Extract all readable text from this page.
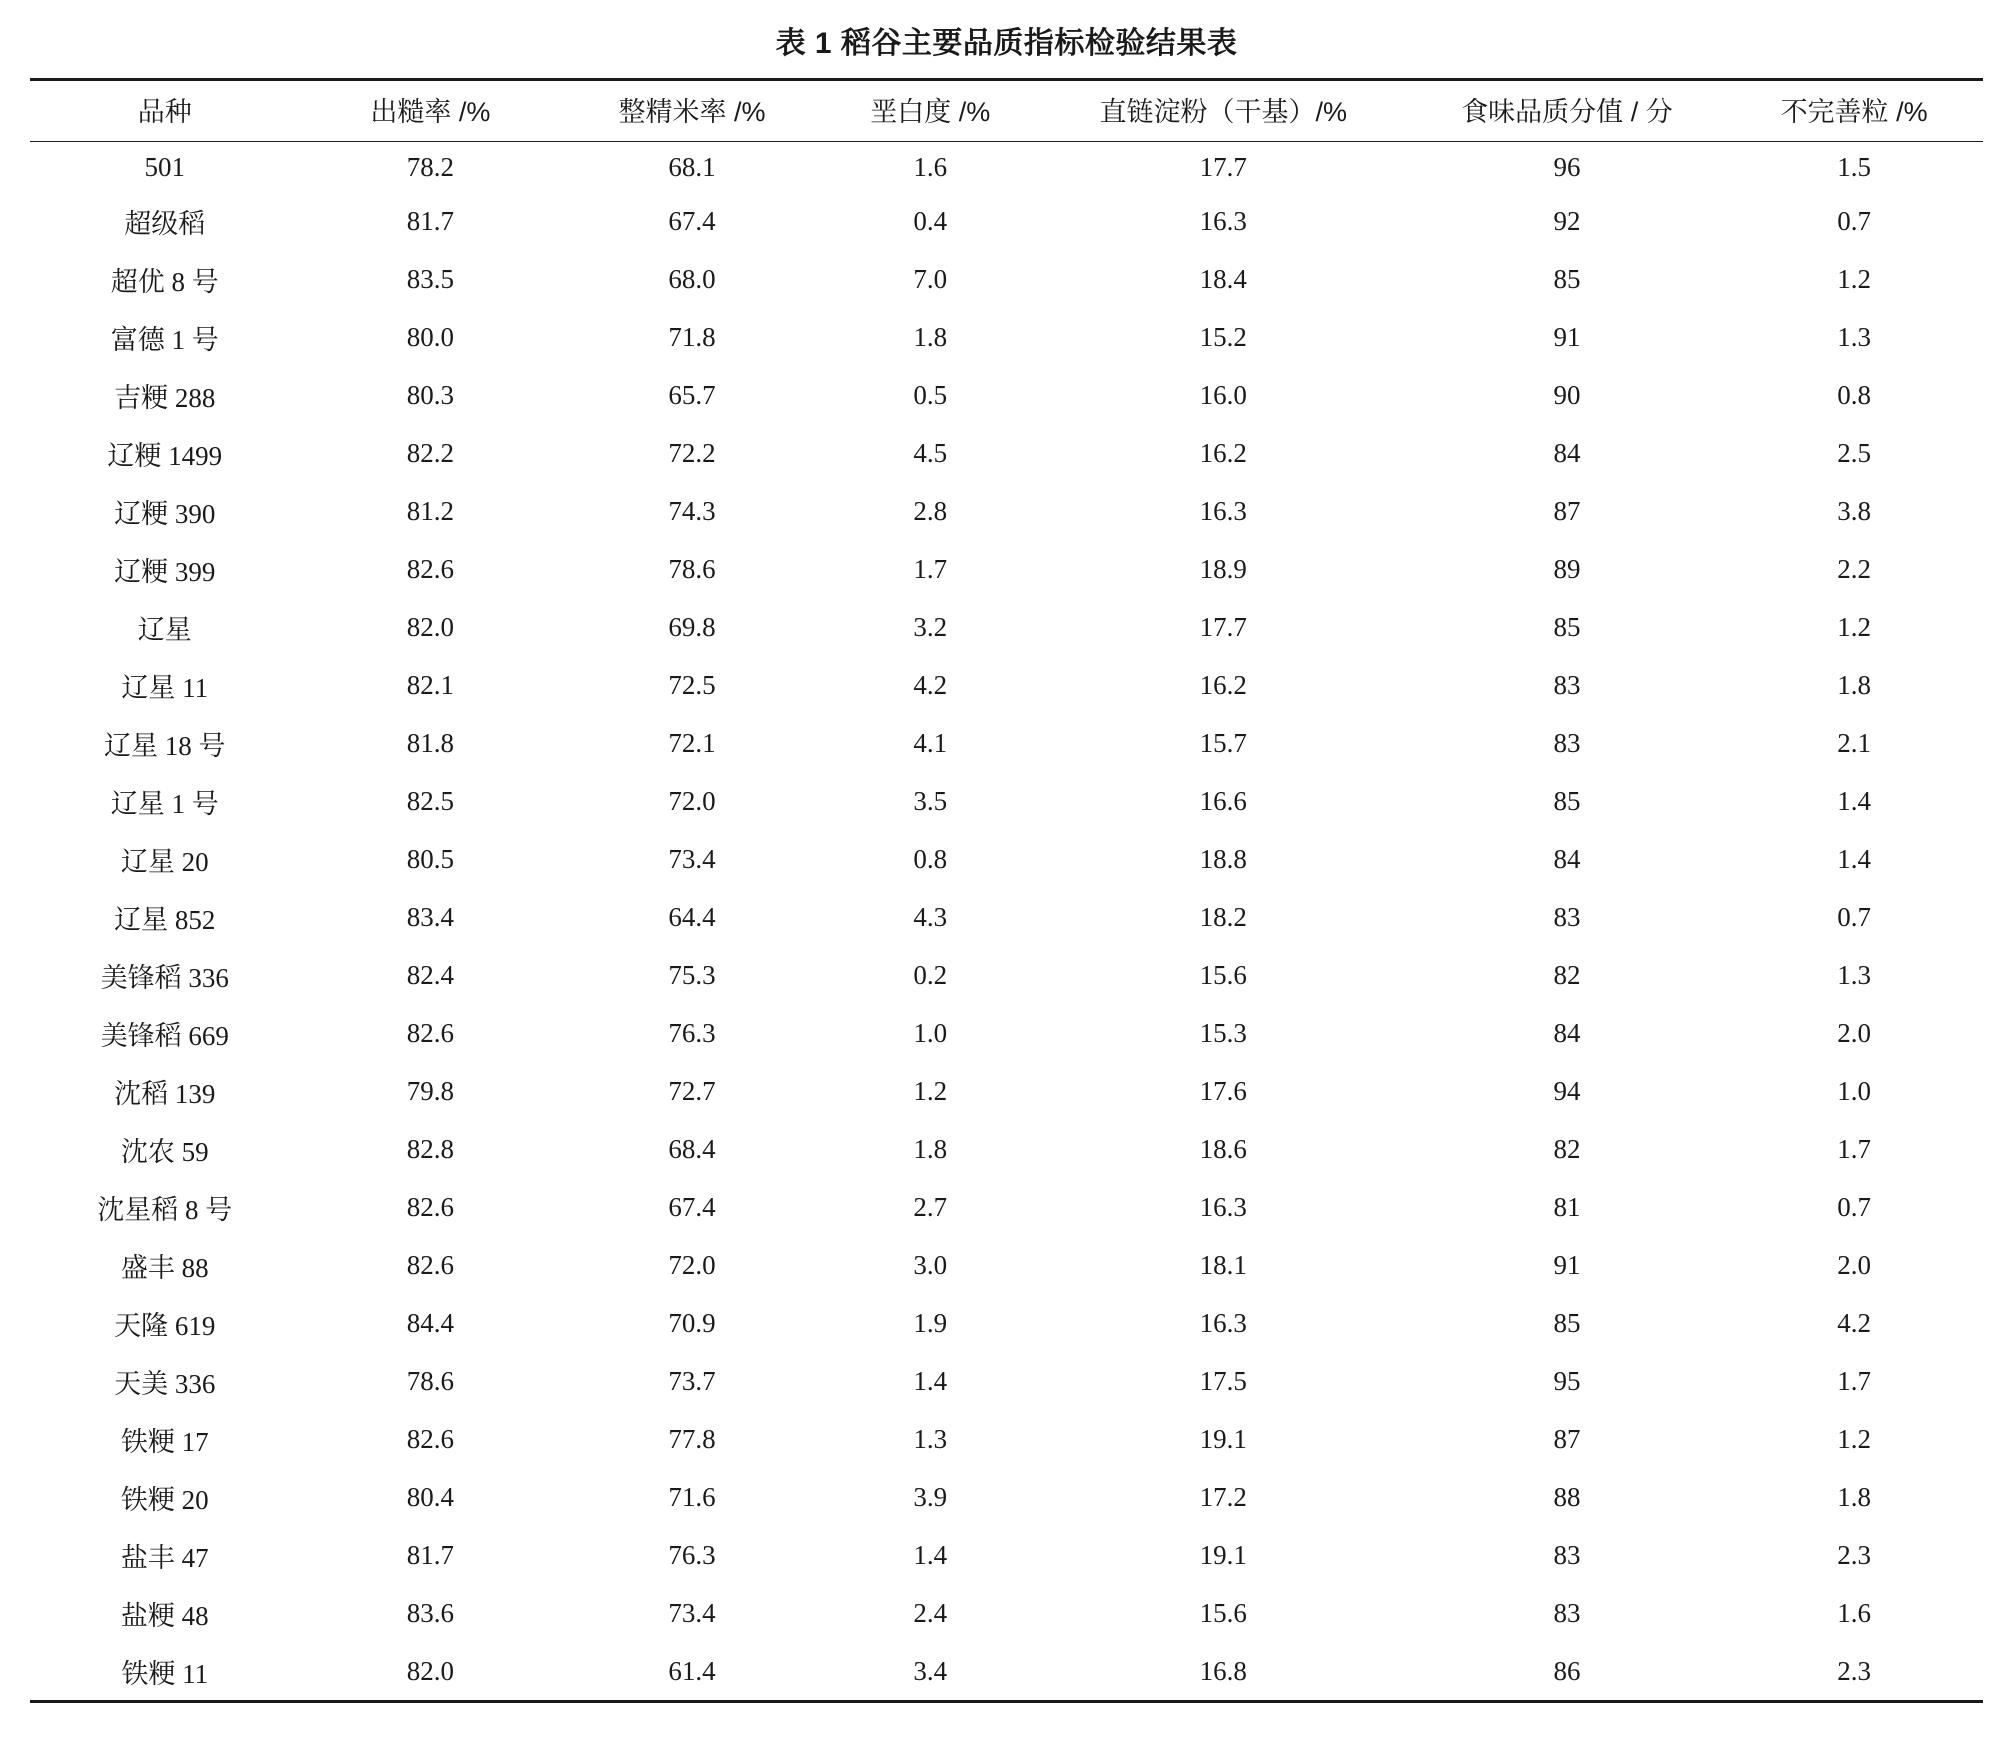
表 1 稻谷主要品质指标检验结果表
品种	出糙率 /%	整精米率 /%	垩白度 /%	直链淀粉（干基）/%	食味品质分值 / 分	不完善粒 /%
501	78.2	68.1	1.6	17.7	96	1.5
超级稻	81.7	67.4	0.4	16.3	92	0.7
超优 8 号	83.5	68.0	7.0	18.4	85	1.2
富德 1 号	80.0	71.8	1.8	15.2	91	1.3
吉粳 288	80.3	65.7	0.5	16.0	90	0.8
辽粳 1499	82.2	72.2	4.5	16.2	84	2.5
辽粳 390	81.2	74.3	2.8	16.3	87	3.8
辽粳 399	82.6	78.6	1.7	18.9	89	2.2
辽星	82.0	69.8	3.2	17.7	85	1.2
辽星 11	82.1	72.5	4.2	16.2	83	1.8
辽星 18 号	81.8	72.1	4.1	15.7	83	2.1
辽星 1 号	82.5	72.0	3.5	16.6	85	1.4
辽星 20	80.5	73.4	0.8	18.8	84	1.4
辽星 852	83.4	64.4	4.3	18.2	83	0.7
美锋稻 336	82.4	75.3	0.2	15.6	82	1.3
美锋稻 669	82.6	76.3	1.0	15.3	84	2.0
沈稻 139	79.8	72.7	1.2	17.6	94	1.0
沈农 59	82.8	68.4	1.8	18.6	82	1.7
沈星稻 8 号	82.6	67.4	2.7	16.3	81	0.7
盛丰 88	82.6	72.0	3.0	18.1	91	2.0
天隆 619	84.4	70.9	1.9	16.3	85	4.2
天美 336	78.6	73.7	1.4	17.5	95	1.7
铁粳 17	82.6	77.8	1.3	19.1	87	1.2
铁粳 20	80.4	71.6	3.9	17.2	88	1.8
盐丰 47	81.7	76.3	1.4	19.1	83	2.3
盐粳 48	83.6	73.4	2.4	15.6	83	1.6
铁粳 11	82.0	61.4	3.4	16.8	86	2.3
